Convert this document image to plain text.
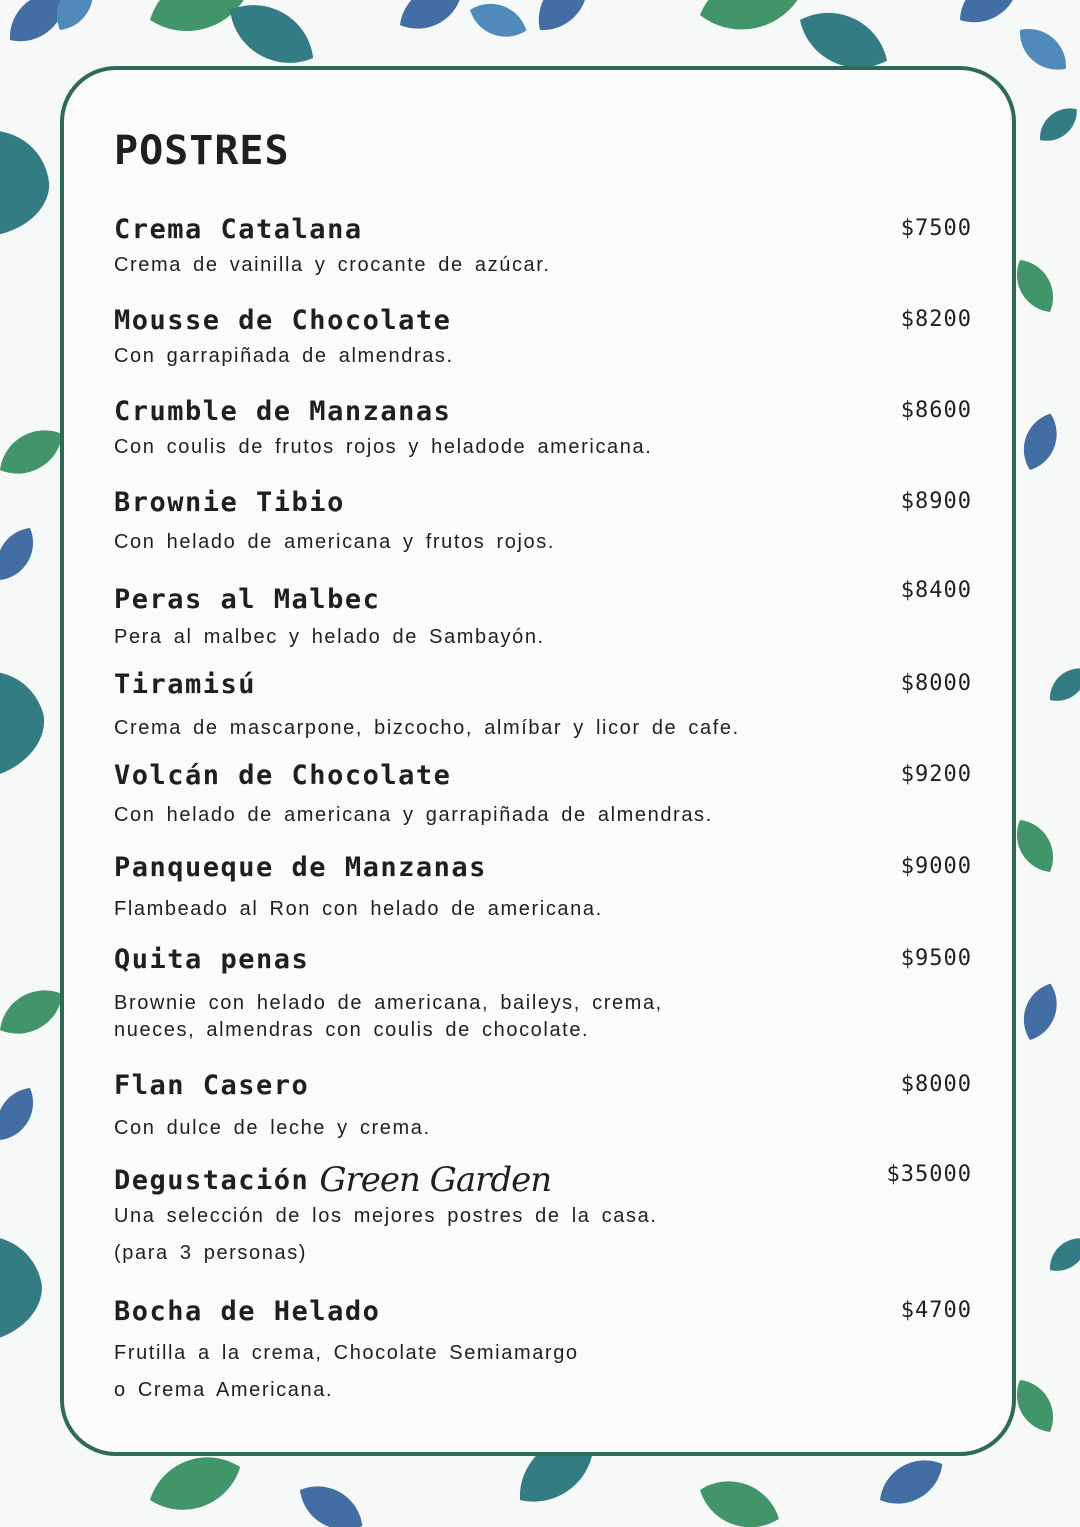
POSTRES
Crema Catalana	$7500
Crema de vainilla y crocante de azúcar.
Mousse de Chocolate	$8200
Con garrapiñada de almendras.
Crumble de Manzanas	$8600
Con coulis de frutos rojos y heladode americana.
Brownie Tibio	$8900
Con helado de americana y frutos rojos.
Peras al Malbec	$8400
Pera al malbec y helado de Sambayón.
Tiramisú	$8000
Crema de mascarpone, bizcocho, almíbar y licor de cafe.
Volcán de Chocolate	$9200
Con helado de americana y garrapiñada de almendras.
Panqueque de Manzanas	$9000
Flambeado al Ron con helado de americana.
Quita penas	$9500
Brownie con helado de americana, baileys, crema,
nueces, almendras con coulis de chocolate.
Flan Casero	$8000
Con dulce de leche y crema.
Degustación Green Garden	$35000
Una selección de los mejores postres de la casa.
(para 3 personas)
Bocha de Helado	$4700
Frutilla a la crema, Chocolate Semiamargo
o Crema Americana.
